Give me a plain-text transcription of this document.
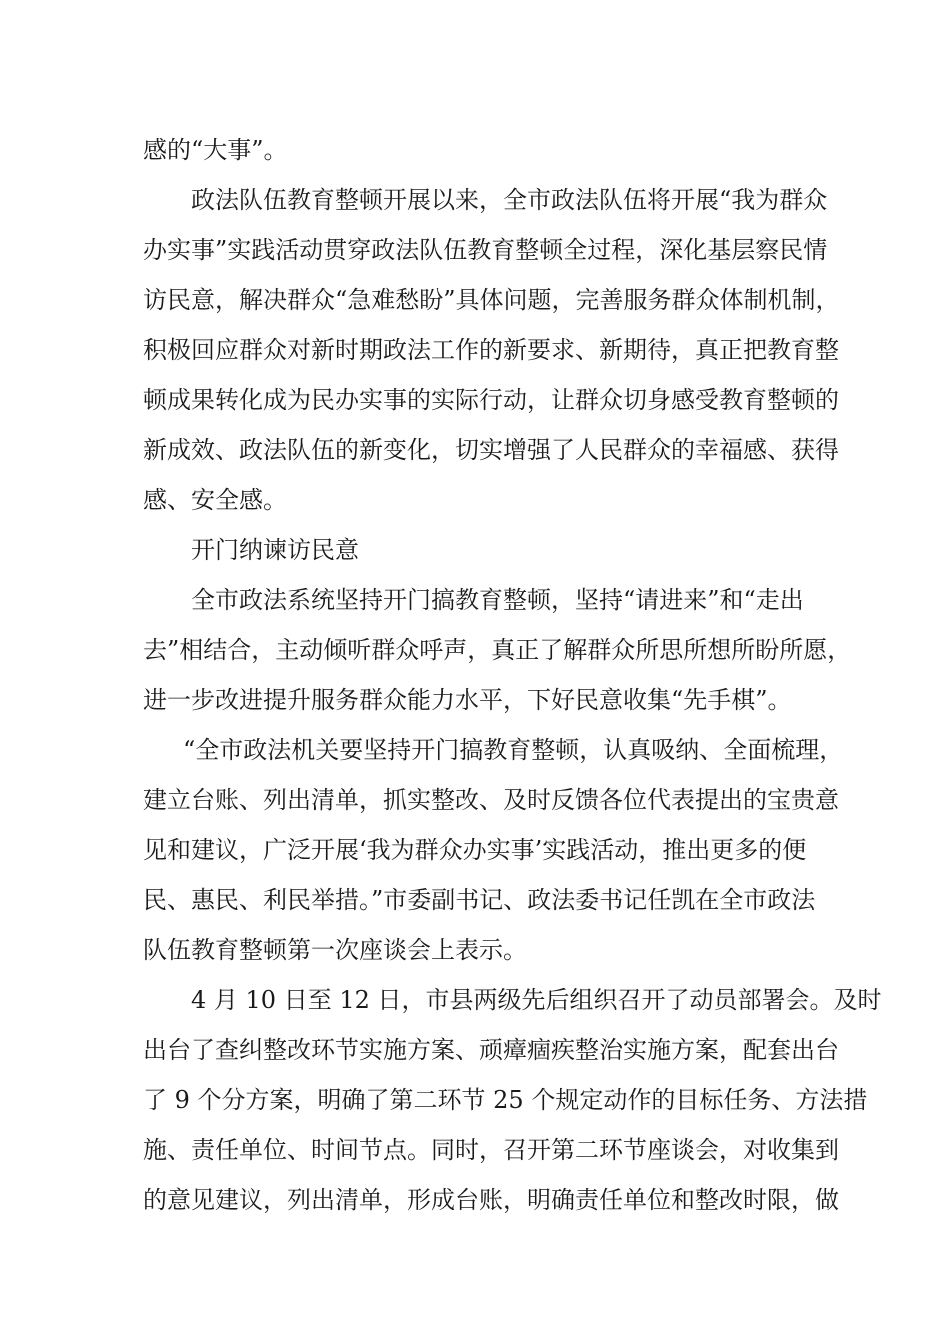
感的“大事”。
政法队伍教育整顿开展以来，全市政法队伍将开展“我为群众
办实事”实践活动贯穿政法队伍教育整顿全过程，深化基层察民情
访民意，解决群众“急难愁盼”具体问题，完善服务群众体制机制，
积极回应群众对新时期政法工作的新要求、新期待，真正把教育整
顿成果转化成为民办实事的实际行动，让群众切身感受教育整顿的
新成效、政法队伍的新变化，切实增强了人民群众的幸福感、获得
感、安全感。
开门纳谏访民意
全市政法系统坚持开门搞教育整顿，坚持“请进来”和“走出
去”相结合，主动倾听群众呼声，真正了解群众所思所想所盼所愿，
进一步改进提升服务群众能力水平，下好民意收集“先手棋”。
“全市政法机关要坚持开门搞教育整顿，认真吸纳、全面梳理，
建立台账、列出清单，抓实整改、及时反馈各位代表提出的宝贵意
见和建议，广泛开展‘我为群众办实事’实践活动，推出更多的便
民、惠民、利民举措。”市委副书记、政法委书记任凯在全市政法
队伍教育整顿第一次座谈会上表示。
4 月 10 日至 12 日，市县两级先后组织召开了动员部署会。及时
出台了查纠整改环节实施方案、顽瘴痼疾整治实施方案，配套出台
了 9 个分方案，明确了第二环节 25 个规定动作的目标任务、方法措
施、责任单位、时间节点。同时，召开第二环节座谈会，对收集到
的意见建议，列出清单，形成台账，明确责任单位和整改时限，做
